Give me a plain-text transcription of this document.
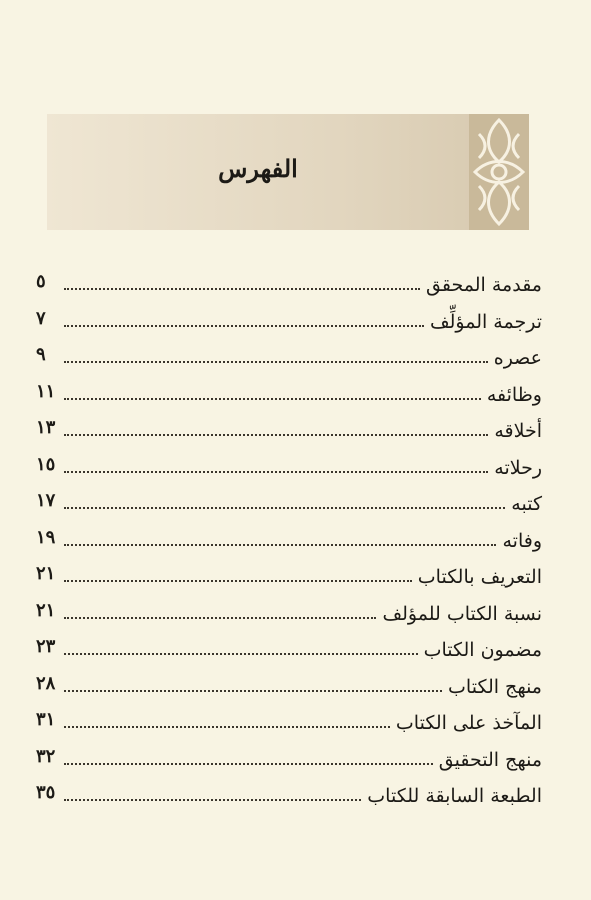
الفهرس
مقدمة المحقق
٥
ترجمة المؤلِّف
٧
عصره
٩
وظائفه
١١
أخلاقه
١٣
رحلاته
١٥
كتبه
١٧
وفاته
١٩
التعريف بالكتاب
٢١
نسبة الكتاب للمؤلف
٢١
مضمون الكتاب
٢٣
منهج الكتاب
٢٨
المآخذ على الكتاب
٣١
منهج التحقيق
٣٢
الطبعة السابقة للكتاب
٣٥
